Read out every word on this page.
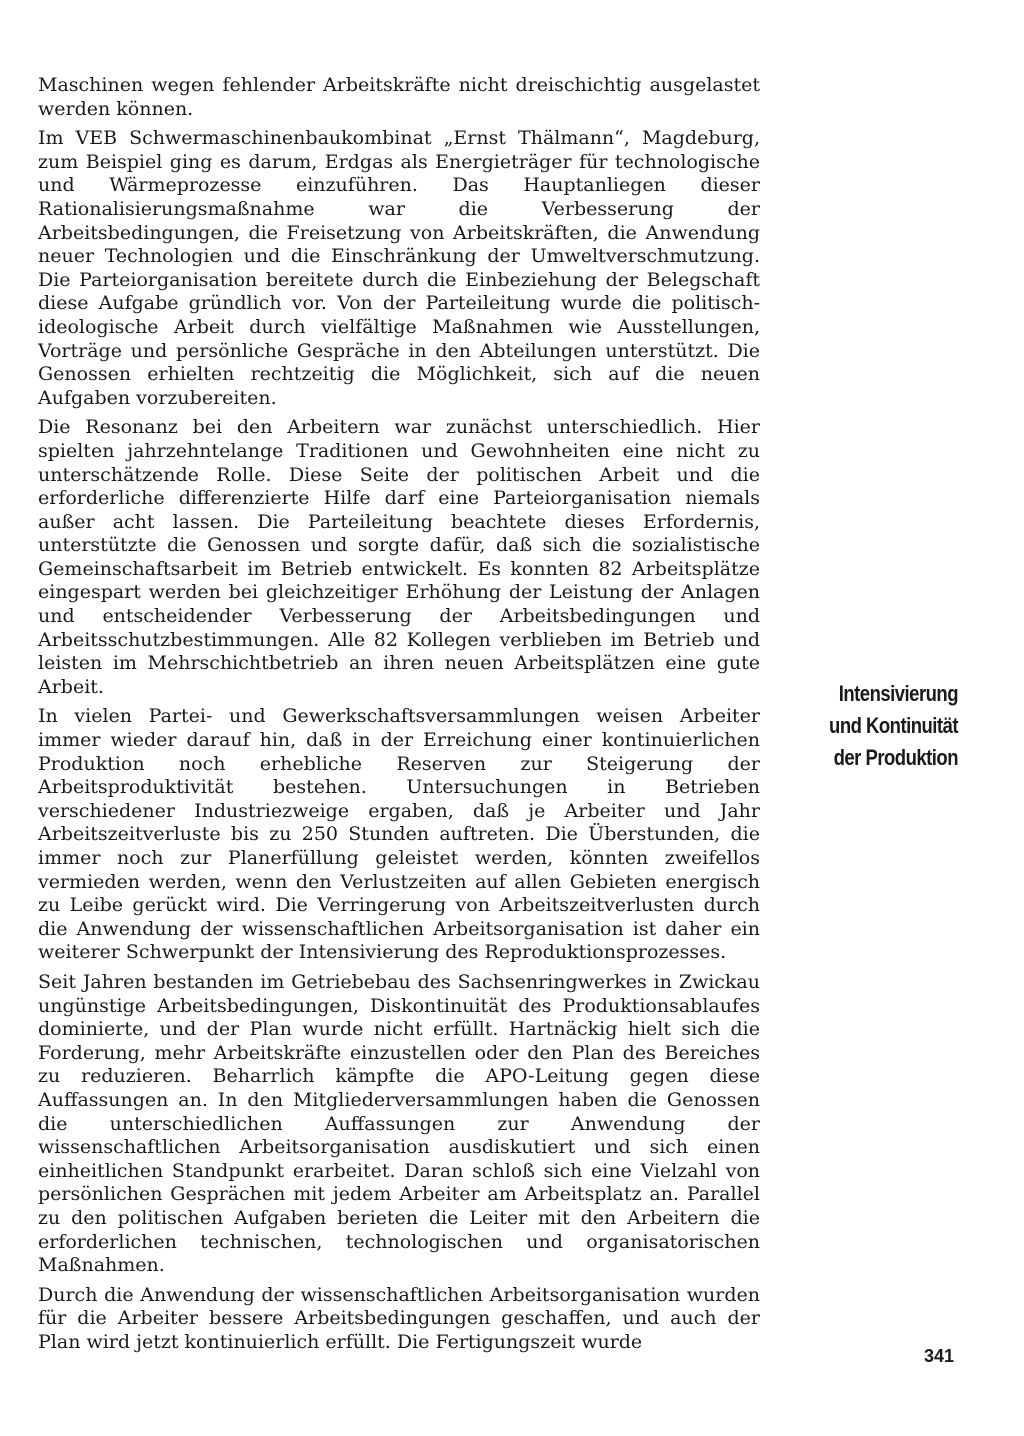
Maschinen wegen fehlender Arbeitskräfte nicht dreischichtig ausgelastet werden können.

Im VEB Schwermaschinenbaukombinat „Ernst Thälmann“, Magdeburg, zum Beispiel ging es darum, Erdgas als Energieträger für technologische und Wärmeprozesse einzuführen. Das Hauptanliegen dieser Rationalisierungsmaßnahme war die Verbesserung der Arbeitsbedingungen, die Freisetzung von Arbeitskräften, die Anwendung neuer Technologien und die Einschränkung der Umweltverschmutzung. Die Parteiorganisation bereitete durch die Einbeziehung der Belegschaft diese Aufgabe gründlich vor. Von der Parteileitung wurde die politisch-ideologische Arbeit durch vielfältige Maßnahmen wie Ausstellungen, Vorträge und persönliche Gespräche in den Abteilungen unterstützt. Die Genossen erhielten rechtzeitig die Möglichkeit, sich auf die neuen Aufgaben vorzubereiten.

Die Resonanz bei den Arbeitern war zunächst unterschiedlich. Hier spielten jahrzehntelange Traditionen und Gewohnheiten eine nicht zu unterschätzende Rolle. Diese Seite der politischen Arbeit und die erforderliche differenzierte Hilfe darf eine Parteiorganisation niemals außer acht lassen. Die Parteileitung beachtete dieses Erfordernis, unterstützte die Genossen und sorgte dafür, daß sich die sozialistische Gemeinschaftsarbeit im Betrieb entwickelt. Es konnten 82 Arbeitsplätze eingespart werden bei gleichzeitiger Erhöhung der Leistung der Anlagen und entscheidender Verbesserung der Arbeitsbedingungen und Arbeitsschutzbestimmungen. Alle 82 Kollegen verblieben im Betrieb und leisten im Mehrschichtbetrieb an ihren neuen Arbeitsplätzen eine gute Arbeit.

In vielen Partei- und Gewerkschaftsversammlungen weisen Arbeiter immer wieder darauf hin, daß in der Erreichung einer kontinuierlichen Produktion noch erhebliche Reserven zur Steigerung der Arbeitsproduktivität bestehen. Untersuchungen in Betrieben verschiedener Industriezweige ergaben, daß je Arbeiter und Jahr Arbeitszeitverluste bis zu 250 Stunden auftreten. Die Überstunden, die immer noch zur Planerfüllung geleistet werden, könnten zweifellos vermieden werden, wenn den Verlustzeiten auf allen Gebieten energisch zu Leibe gerückt wird. Die Verringerung von Arbeitszeitverlusten durch die Anwendung der wissenschaftlichen Arbeitsorganisation ist daher ein weiterer Schwerpunkt der Intensivierung des Reproduktionsprozesses.

Seit Jahren bestanden im Getriebebau des Sachsenringwerkes in Zwickau ungünstige Arbeitsbedingungen, Diskontinuität des Produktionsablaufes dominierte, und der Plan wurde nicht erfüllt. Hartnäckig hielt sich die Forderung, mehr Arbeitskräfte einzustellen oder den Plan des Bereiches zu reduzieren. Beharrlich kämpfte die APO-Leitung gegen diese Auffassungen an. In den Mitgliederversammlungen haben die Genossen die unterschiedlichen Auffassungen zur Anwendung der wissenschaftlichen Arbeitsorganisation ausdiskutiert und sich einen einheitlichen Standpunkt erarbeitet. Daran schloß sich eine Vielzahl von persönlichen Gesprächen mit jedem Arbeiter am Arbeitsplatz an. Parallel zu den politischen Aufgaben berieten die Leiter mit den Arbeitern die erforderlichen technischen, technologischen und organisatorischen Maßnahmen.

Durch die Anwendung der wissenschaftlichen Arbeitsorganisation wurden für die Arbeiter bessere Arbeitsbedingungen geschaffen, und auch der Plan wird jetzt kontinuierlich erfüllt. Die Fertigungszeit wurde

Intensivierung
und Kontinuität
der Produktion
341
